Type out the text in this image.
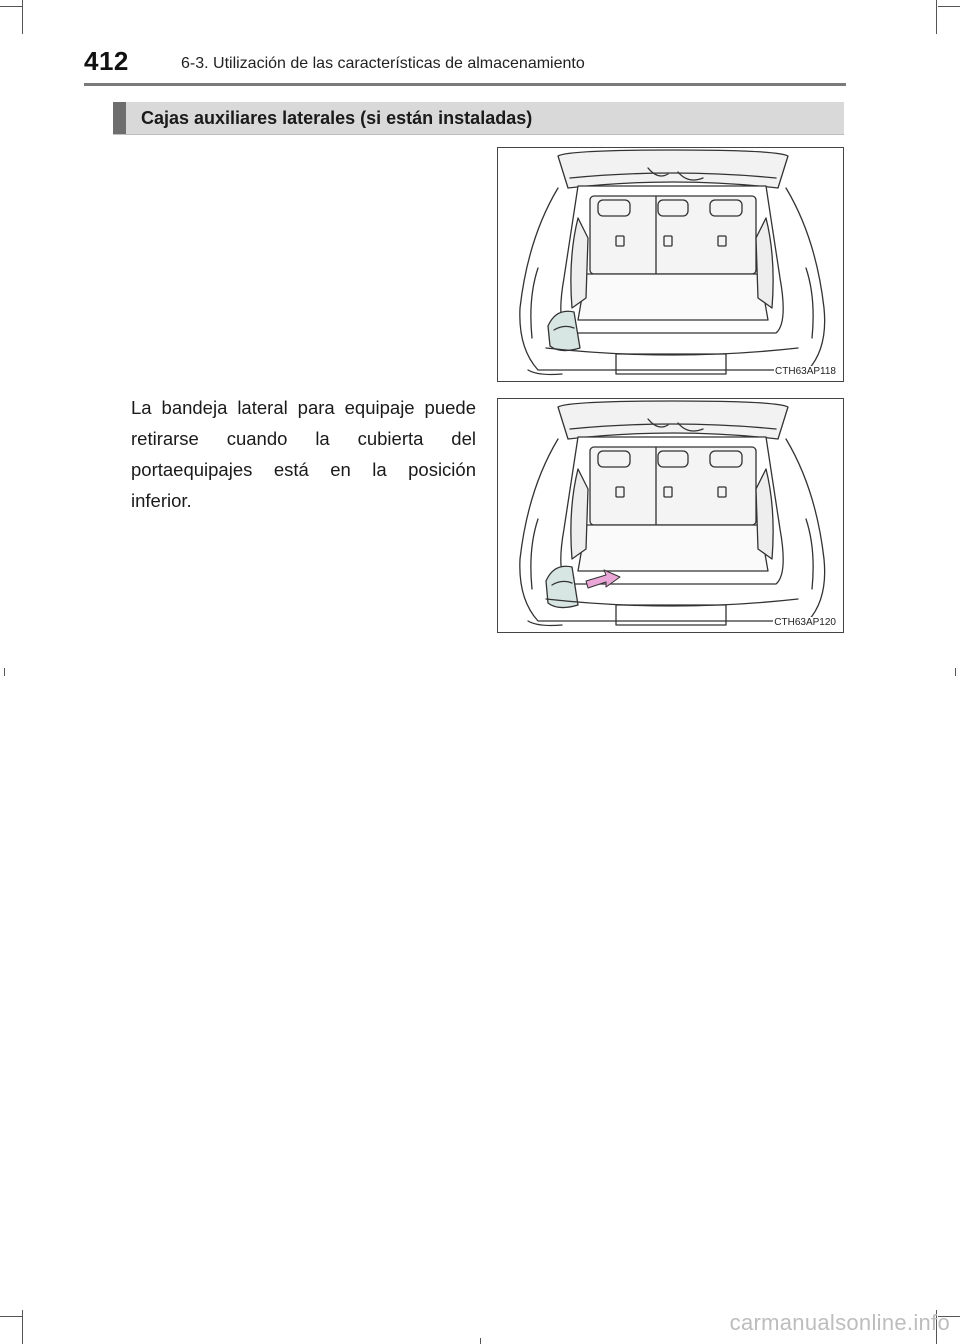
412	6-3. Utilización de las características de almacenamiento
Cajas auxiliares laterales (si están instaladas)
CTH63AP118
CTH63AP120
La bandeja lateral para equipaje puede retirarse cuando la cubierta del portaequipajes está en la posición inferior.
carmanualsonline.info
